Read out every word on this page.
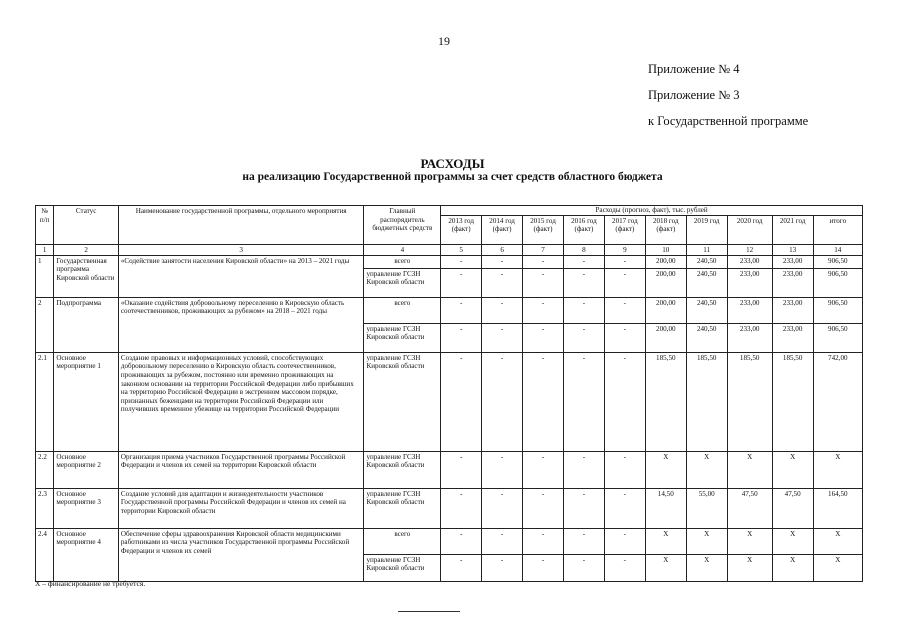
19
Приложение № 4
Приложение № 3
к Государственной программе
РАСХОДЫ
на реализацию Государственной программы за счет средств областного бюджета
№ п/п	Статус	Наименование государственной программы, отдельного мероприятия	Главный распорядитель бюджетных средств	Расходы (прогноз, факт), тыс. рублей									
				2013 год (факт)	2014 год (факт)	2015 год (факт)	2016 год (факт)	2017 год (факт)	2018 год (факт)	2019 год	2020 год	2021 год	итого
1	2	3	4	5	6	7	8	9	10	11	12	13	14
1	Государственная программа Кировской области	«Содействие занятости населения Кировской области» на 2013 – 2021 годы	всего	-	-	-	-	-	200,00	240,50	233,00	233,00	906,50
			управление ГСЗН Кировской области	-	-	-	-	-	200,00	240,50	233,00	233,00	906,50
2	Подпрограмма	«Оказание содействия добровольному переселению в Кировскую область соотечественников, проживающих за рубежом» на 2018 – 2021 годы	всего	-	-	-	-	-	200,00	240,50	233,00	233,00	906,50
			управление ГСЗН Кировской области	-	-	-	-	-	200,00	240,50	233,00	233,00	906,50
2.1	Основное мероприятие 1	Создание правовых и информационных условий, способствующих добровольному переселению в Кировскую область соотечественников, проживающих за рубежом, постоянно или временно проживающих на законном основании на территории Российской Федерации либо прибывших на территорию Российской Федерации в экстренном массовом порядке, признанных беженцами на территории Российской Федерации или получивших временное убежище на территории Российской Федерации	управление ГСЗН Кировской области	-	-	-	-	-	185,50	185,50	185,50	185,50	742,00
2.2	Основное мероприятие 2	Организация приема участников Государственной программы Российской Федерации и членов их семей на территории Кировской области	управление ГСЗН Кировской области	-	-	-	-	-	X	X	X	X	X
2.3	Основное мероприятие 3	Создание условий для адаптации и жизнедеятельности участников Государственной программы Российской Федерации и членов их семей на территории Кировской области	управление ГСЗН Кировской области	-	-	-	-	-	14,50	55,00	47,50	47,50	164,50
2.4	Основное мероприятие 4	Обеспечение сферы здравоохранения Кировской области медицинскими работниками из числа участников Государственной программы Российской Федерации и членов их семей	всего	-	-	-	-	-	X	X	X	X	X
			управление ГСЗН Кировской области	-	-	-	-	-	X	X	X	X	X
Х – финансирование не требуется.
